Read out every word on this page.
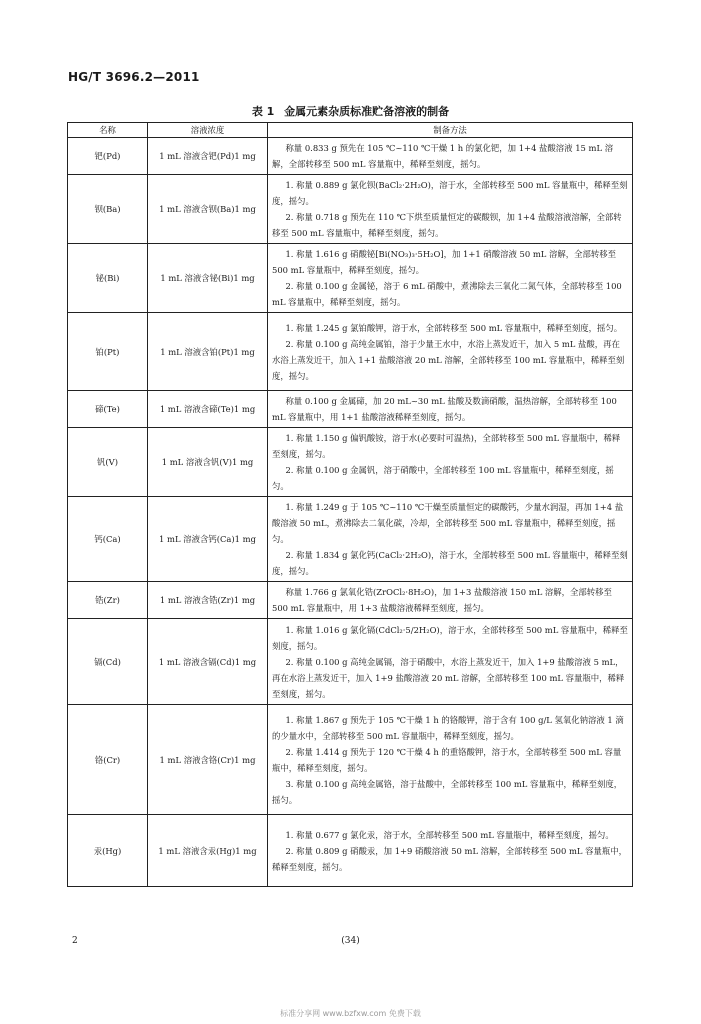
HG/T 3696.2—2011
表 1 金属元素杂质标准贮备溶液的制备
名称	溶液浓度	制备方法
钯(Pd)	1 mL 溶液含钯(Pd)1 mg	称量 0.833 g 预先在 105 ℃~110 ℃干燥 1 h 的氯化钯，加 1+4 盐酸溶液 15 mL 溶解，全部转移至 500 mL 容量瓶中，稀释至刻度，摇匀。

钡(Ba)	1 mL 溶液含钡(Ba)1 mg	1. 称量 0.889 g 氯化钡(BaCl₂·2H₂O)，溶于水，全部转移至 500 mL 容量瓶中，稀释至刻度，摇匀。
2. 称量 0.718 g 预先在 110 ℃下烘至质量恒定的碳酸钡，加 1+4 盐酸溶液溶解，全部转移至 500 mL 容量瓶中，稀释至刻度，摇匀。

铋(Bi)	1 mL 溶液含铋(Bi)1 mg	1. 称量 1.616 g 硝酸铋[Bi(NO₃)₃·5H₂O]，加 1+1 硝酸溶液 50 mL 溶解，全部转移至 500 mL 容量瓶中，稀释至刻度，摇匀。
2. 称量 0.100 g 金属铋，溶于 6 mL 硝酸中，煮沸除去三氧化二氮气体，全部转移至 100 mL 容量瓶中，稀释至刻度，摇匀。

铂(Pt)	1 mL 溶液含铂(Pt)1 mg	1. 称量 1.245 g 氯铂酸钾，溶于水，全部转移至 500 mL 容量瓶中，稀释至刻度，摇匀。
2. 称量 0.100 g 高纯金属铂，溶于少量王水中，水浴上蒸发近干，加入 5 mL 盐酸，再在水浴上蒸发近干，加入 1+1 盐酸溶液 20 mL 溶解，全部转移至 100 mL 容量瓶中，稀释至刻度，摇匀。

碲(Te)	1 mL 溶液含碲(Te)1 mg	称量 0.100 g 金属碲，加 20 mL~30 mL 盐酸及数滴硝酸，温热溶解，全部转移至 100 mL 容量瓶中，用 1+1 盐酸溶液稀释至刻度，摇匀。

钒(V)	1 mL 溶液含钒(V)1 mg	1. 称量 1.150 g 偏钒酸铵，溶于水(必要时可温热)，全部转移至 500 mL 容量瓶中，稀释至刻度，摇匀。
2. 称量 0.100 g 金属钒，溶于硝酸中，全部转移至 100 mL 容量瓶中，稀释至刻度，摇匀。

钙(Ca)	1 mL 溶液含钙(Ca)1 mg	1. 称量 1.249 g 于 105 ℃~110 ℃干燥至质量恒定的碳酸钙，少量水润湿，再加 1+4 盐酸溶液 50 mL，煮沸除去二氧化碳，冷却，全部转移至 500 mL 容量瓶中，稀释至刻度，摇匀。
2. 称量 1.834 g 氯化钙(CaCl₂·2H₂O)，溶于水，全部转移至 500 mL 容量瓶中，稀释至刻度，摇匀。

锆(Zr)	1 mL 溶液含锆(Zr)1 mg	称量 1.766 g 氯氧化锆(ZrOCl₂·8H₂O)，加 1+3 盐酸溶液 150 mL 溶解，全部转移至 500 mL 容量瓶中，用 1+3 盐酸溶液稀释至刻度，摇匀。

镉(Cd)	1 mL 溶液含镉(Cd)1 mg	1. 称量 1.016 g 氯化镉(CdCl₂·5/2H₂O)，溶于水，全部转移至 500 mL 容量瓶中，稀释至刻度，摇匀。
2. 称量 0.100 g 高纯金属镉，溶于硝酸中，水浴上蒸发近干，加入 1+9 盐酸溶液 5 mL，再在水浴上蒸发近干，加入 1+9 盐酸溶液 20 mL 溶解，全部转移至 100 mL 容量瓶中，稀释至刻度，摇匀。

铬(Cr)	1 mL 溶液含铬(Cr)1 mg	1. 称量 1.867 g 预先于 105 ℃干燥 1 h 的铬酸钾，溶于含有 100 g/L 氢氧化钠溶液 1 滴的少量水中，全部转移至 500 mL 容量瓶中，稀释至刻度，摇匀。
2. 称量 1.414 g 预先于 120 ℃干燥 4 h 的重铬酸钾，溶于水，全部转移至 500 mL 容量瓶中，稀释至刻度，摇匀。
3. 称量 0.100 g 高纯金属铬，溶于盐酸中，全部转移至 100 mL 容量瓶中，稀释至刻度，摇匀。

汞(Hg)	1 mL 溶液含汞(Hg)1 mg	1. 称量 0.677 g 氯化汞，溶于水，全部转移至 500 mL 容量瓶中，稀释至刻度，摇匀。
2. 称量 0.809 g 硝酸汞，加 1+9 硝酸溶液 50 mL 溶解，全部转移至 500 mL 容量瓶中，稀释至刻度，摇匀。
2	(34)
标准分享网 www.bzfxw.com 免费下载
